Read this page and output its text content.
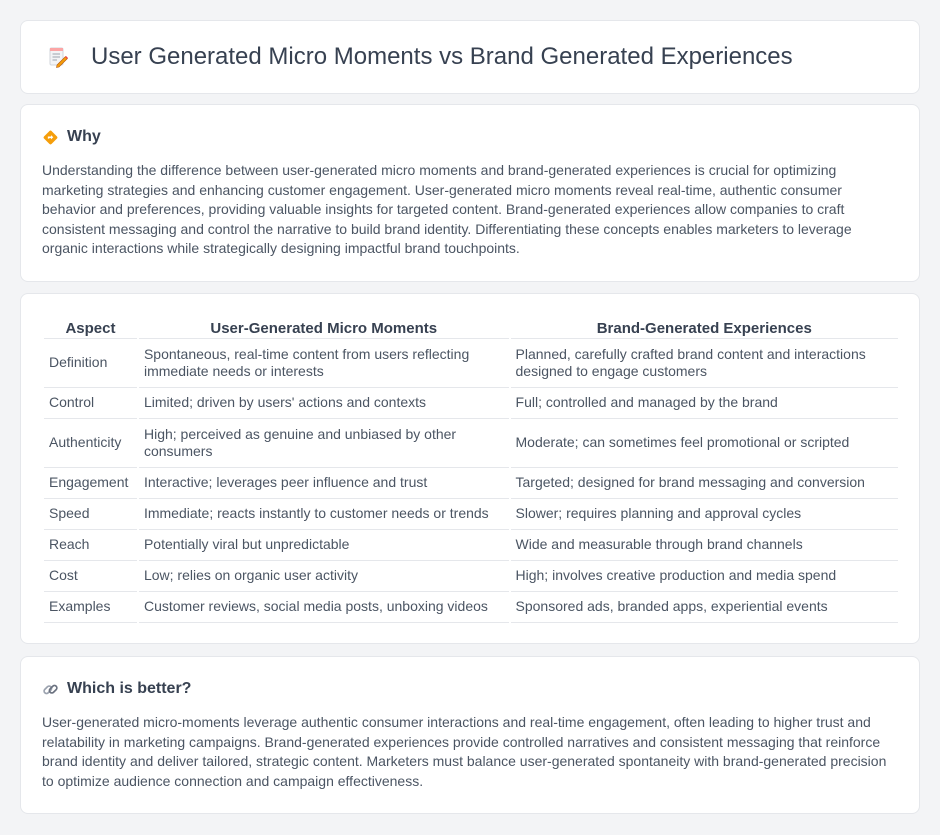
User Generated Micro Moments vs Brand Generated Experiences
Why

Understanding the difference between user-generated micro moments and brand-generated experiences is crucial for optimizing marketing strategies and enhancing customer engagement. User-generated micro moments reveal real-time, authentic consumer behavior and preferences, providing valuable insights for targeted content. Brand-generated experiences allow companies to craft consistent messaging and control the narrative to build brand identity. Differentiating these concepts enables marketers to leverage organic interactions while strategically designing impactful brand touchpoints.

Aspect	User-Generated Micro Moments	Brand-Generated Experiences
Definition	Spontaneous, real-time content from users reflecting immediate needs or interests	Planned, carefully crafted brand content and interactions designed to engage customers
Control	Limited; driven by users' actions and contexts	Full; controlled and managed by the brand
Authenticity	High; perceived as genuine and unbiased by other consumers	Moderate; can sometimes feel promotional or scripted
Engagement	Interactive; leverages peer influence and trust	Targeted; designed for brand messaging and conversion
Speed	Immediate; reacts instantly to customer needs or trends	Slower; requires planning and approval cycles
Reach	Potentially viral but unpredictable	Wide and measurable through brand channels
Cost	Low; relies on organic user activity	High; involves creative production and media spend
Examples	Customer reviews, social media posts, unboxing videos	Sponsored ads, branded apps, experiential events
Which is better?

User-generated micro-moments leverage authentic consumer interactions and real-time engagement, often leading to higher trust and relatability in marketing campaigns. Brand-generated experiences provide controlled narratives and consistent messaging that reinforce brand identity and deliver tailored, strategic content. Marketers must balance user-generated spontaneity with brand-generated precision to optimize audience connection and campaign effectiveness.
